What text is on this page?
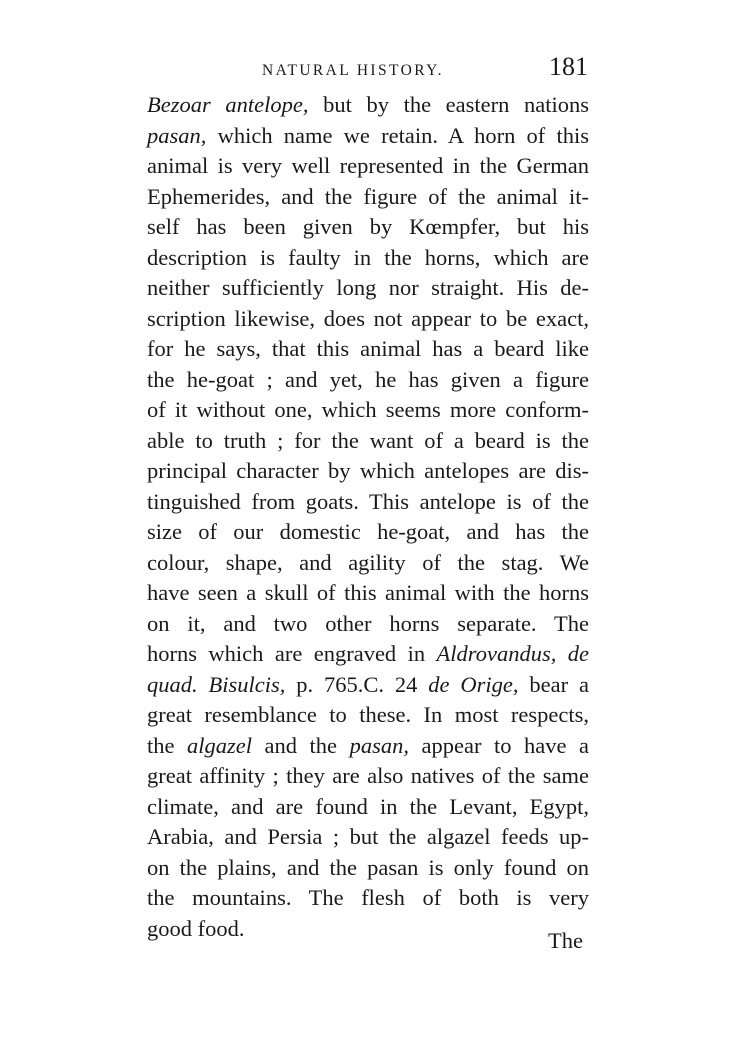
NATURAL HISTORY.	181
Bezoar antelope, but by the eastern nations
pasan, which name we retain. A horn of this
animal is very well represented in the German
Ephemerides, and the figure of the animal it-
self has been given by Kœmpfer, but his
description is faulty in the horns, which are
neither sufficiently long nor straight. His de-
scription likewise, does not appear to be exact,
for he says, that this animal has a beard like
the he-goat ; and yet, he has given a figure
of it without one, which seems more conform-
able to truth ; for the want of a beard is the
principal character by which antelopes are dis-
tinguished from goats. This antelope is of the
size of our domestic he-goat, and has the
colour, shape, and agility of the stag. We
have seen a skull of this animal with the horns
on it, and two other horns separate. The
horns which are engraved in Aldrovandus, de
quad. Bisulcis, p. 765.C. 24 de Orige, bear a
great resemblance to these. In most respects,
the algazel and the pasan, appear to have a
great affinity ; they are also natives of the same
climate, and are found in the Levant, Egypt,
Arabia, and Persia ; but the algazel feeds up-
on the plains, and the pasan is only found on
the mountains. The flesh of both is very
good food.	The
